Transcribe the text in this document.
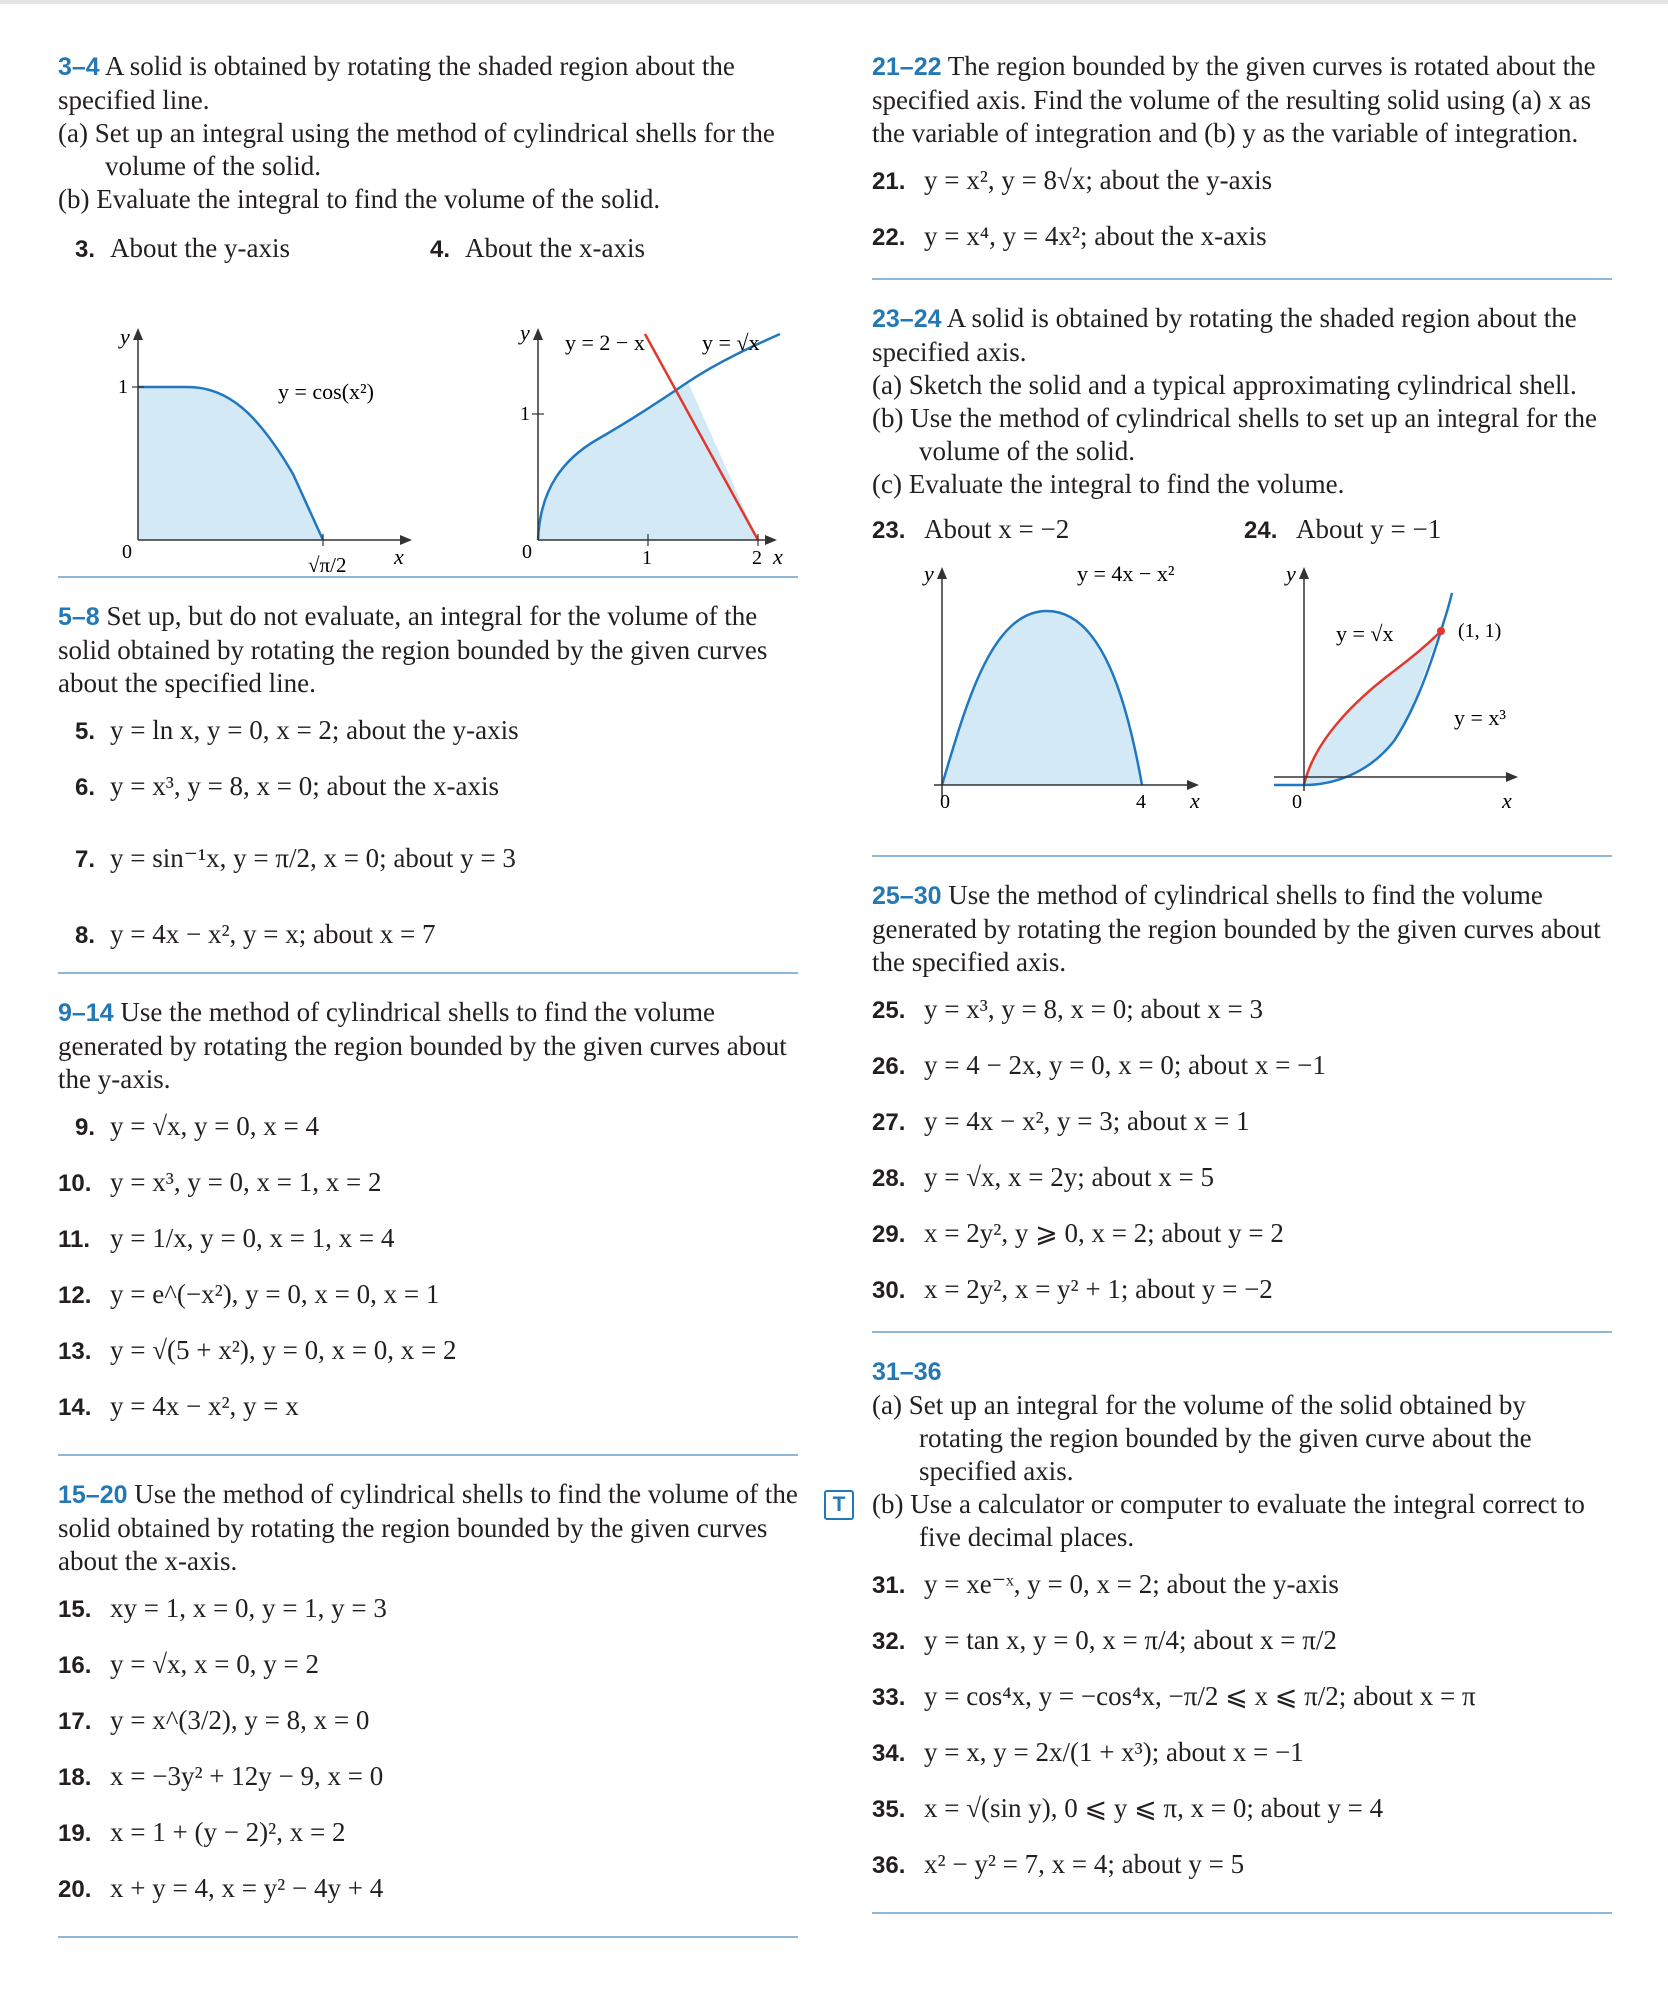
3–4 A solid is obtained by rotating the shaded region about the specified line.

(a) Set up an integral using the method of cylindrical shells for the volume of the solid.

(b) Evaluate the integral to find the volume of the solid.

3. About the y-axis	4. About the x-axis
y
1
0
y = cos(x²)
√π/2 x
y
1
0	1	2 x
y = 2 − x	y = √x

5–8 Set up, but do not evaluate, an integral for the volume of the solid obtained by rotating the region bounded by the given curves about the specified line.

5. y = ln x, y = 0, x = 2; about the y-axis

6. y = x³, y = 8, x = 0; about the x-axis

7. y = sin⁻¹x, y = π/2, x = 0; about y = 3

8. y = 4x − x², y = x; about x = 7

9–14 Use the method of cylindrical shells to find the volume generated by rotating the region bounded by the given curves about the y-axis.

9. y = √x, y = 0, x = 4

10. y = x³, y = 0, x = 1, x = 2

11. y = 1/x, y = 0, x = 1, x = 4

12. y = e^(−x²), y = 0, x = 0, x = 1

13. y = √(5 + x²), y = 0, x = 0, x = 2

14. y = 4x − x², y = x

15–20 Use the method of cylindrical shells to find the volume of the solid obtained by rotating the region bounded by the given curves about the x-axis.

15. xy = 1, x = 0, y = 1, y = 3

16. y = √x, x = 0, y = 2

17. y = x^(3/2), y = 8, x = 0

18. x = −3y² + 12y − 9, x = 0

19. x = 1 + (y − 2)², x = 2

20. x + y = 4, x = y² − 4y + 4

21–22 The region bounded by the given curves is rotated about the specified axis. Find the volume of the resulting solid using (a) x as the variable of integration and (b) y as the variable of integration.

21. y = x², y = 8√x; about the y-axis

22. y = x⁴, y = 4x²; about the x-axis

23–24 A solid is obtained by rotating the shaded region about the specified axis.

(a) Sketch the solid and a typical approximating cylindrical shell.

(b) Use the method of cylindrical shells to set up an integral for the volume of the solid.

(c) Evaluate the integral to find the volume.

23. About x = −2	24. About y = −1
y
0	4 x
y = 4x − x²	y
0	x
y = √x
y = x³
(1, 1)

25–30 Use the method of cylindrical shells to find the volume generated by rotating the region bounded by the given curves about the specified axis.

25. y = x³, y = 8, x = 0; about x = 3

26. y = 4 − 2x, y = 0, x = 0; about x = −1

27. y = 4x − x², y = 3; about x = 1

28. y = √x, x = 2y; about x = 5

29. x = 2y², y ⩾ 0, x = 2; about y = 2

30. x = 2y², x = y² + 1; about y = −2

31–36

(a) Set up an integral for the volume of the solid obtained by rotating the region bounded by the given curve about the specified axis.

T (b) Use a calculator or computer to evaluate the integral correct to five decimal places.

31. y = xe⁻ˣ, y = 0, x = 2; about the y-axis

32. y = tan x, y = 0, x = π/4; about x = π/2

33. y = cos⁴x, y = −cos⁴x, −π/2 ⩽ x ⩽ π/2; about x = π

34. y = x, y = 2x/(1 + x³); about x = −1

35. x = √(sin y), 0 ⩽ y ⩽ π, x = 0; about y = 4

36. x² − y² = 7, x = 4; about y = 5
